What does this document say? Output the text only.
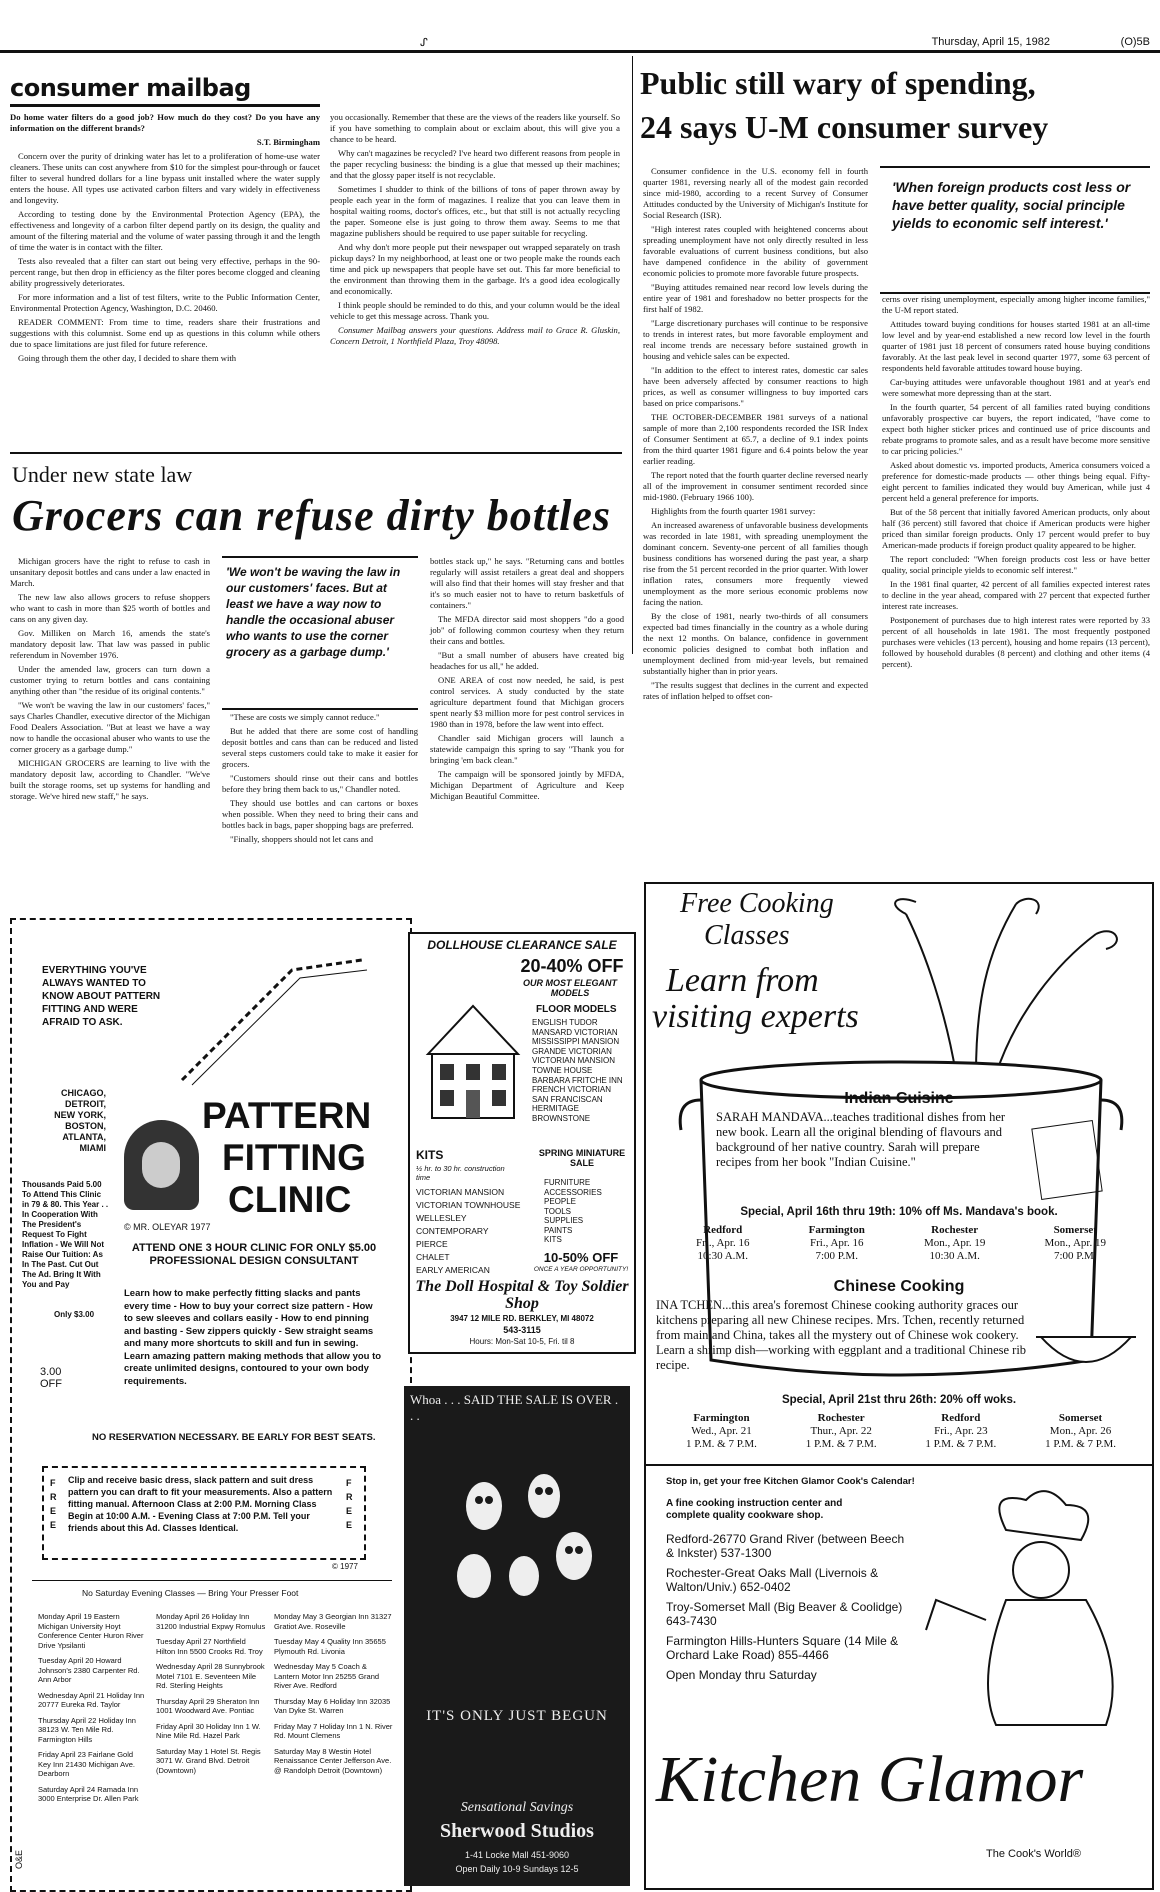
ᔑ	Thursday, April 15, 1982	(O)5B
consumer mailbag

Do home water filters do a good job? How much do they cost? Do you have any information on the different brands?

S.T. Birmingham

Concern over the purity of drinking water has let to a proliferation of home-use water cleaners. These units can cost anywhere from $10 for the simplest pour-through or faucet filter to several hundred dollars for a line bypass unit installed where the water supply enters the house. All types use activated carbon filters and vary widely in effectiveness and longevity.

According to testing done by the Environmental Protection Agency (EPA), the effectiveness and longevity of a carbon filter depend partly on its design, the quality and amount of the filtering material and the volume of water passing through it and the length of time the water is in contact with the filter.

Tests also revealed that a filter can start out being very effective, perhaps in the 90-percent range, but then drop in efficiency as the filter pores become clogged and cleaning ability progressively deteriorates.

For more information and a list of test filters, write to the Public Information Center, Environmental Protection Agency, Washington, D.C. 20460.

READER COMMENT: From time to time, readers share their frustrations and suggestions with this columnist. Some end up as questions in this column while others due to space limitations are just filed for future reference.

Going through them the other day, I decided to share them with

you occasionally. Remember that these are the views of the readers like yourself. So if you have something to complain about or exclaim about, this will give you a chance to be heard.

Why can't magazines be recycled? I've heard two different reasons from people in the paper recycling business: the binding is a glue that messed up their machines; and that the glossy paper itself is not recyclable.

Sometimes I shudder to think of the billions of tons of paper thrown away by people each year in the form of magazines. I realize that you can leave them in hospital waiting rooms, doctor's offices, etc., but that still is not actually recycling the paper. Someone else is just going to throw them away. Seems to me that magazine publishers should be required to use paper suitable for recycling.

And why don't more people put their newspaper out wrapped separately on trash pickup days? In my neighborhood, at least one or two people make the rounds each time and pick up newspapers that people have set out. This far more beneficial to the environment than throwing them in the garbage. It's a good idea ecologically and economically.

I think people should be reminded to do this, and your column would be the ideal vehicle to get this message across. Thank you.

Consumer Mailbag answers your questions. Address mail to Grace R. Gluskin, Concern Detroit, 1 Northfield Plaza, Troy 48098.

Public still wary of spending,
24 says U-M consumer survey

Consumer confidence in the U.S. economy fell in fourth quarter 1981, reversing nearly all of the modest gain recorded since mid-1980, according to a recent Survey of Consumer Attitudes conducted by the University of Michigan's Institute for Social Research (ISR).

"High interest rates coupled with heightened concerns about spreading unemployment have not only directly resulted in less favorable evaluations of current business conditions, but also have dampened confidence in the ability of government economic policies to promote more favorable future prospects.

"Buying attitudes remained near record low levels during the entire year of 1981 and foreshadow no better prospects for the first half of 1982.

"Large discretionary purchases will continue to be responsive to trends in interest rates, but more favorable employment and real income trends are necessary before sustained growth in housing and vehicle sales can be expected.

"In addition to the effect to interest rates, domestic car sales have been adversely affected by consumer reactions to high prices, as well as consumer willingness to buy imported cars based on price comparisons."

THE OCTOBER-DECEMBER 1981 surveys of a national sample of more than 2,100 respondents recorded the ISR Index of Consumer Sentiment at 65.7, a decline of 9.1 index points from the third quarter 1981 figure and 6.4 points below the year earlier reading.

The report noted that the fourth quarter decline reversed nearly all of the improvement in consumer sentiment recorded since mid-1980. (February 1966 100).

Highlights from the fourth quarter 1981 survey:

An increased awareness of unfavorable business developments was recorded in late 1981, with spreading unemployment the dominant concern. Seventy-one percent of all families though business conditions has worsened during the past year, a sharp rise from the 51 percent recorded in the prior quarter. With lower inflation rates, consumers more frequently viewed unemployment as the more serious economic problems now facing the nation.

By the close of 1981, nearly two-thirds of all consumers expected bad times financially in the country as a whole during the next 12 months. On balance, confidence in government economic policies designed to combat both inflation and unemployment declined from mid-year levels, but remained substantially higher than in prior years.

"The results suggest that declines in the current and expected rates of inflation helped to offset con-

'When foreign products cost less or have better quality, social principle yields to economic self interest.'

cerns over rising unemployment, especially among higher income families," the U-M report stated.

Attitudes toward buying conditions for houses started 1981 at an all-time low level and by year-end established a new record low level in the fourth quarter of 1981 just 18 percent of consumers rated house buying conditions favorably. At the last peak level in second quarter 1977, some 63 percent of respondents held favorable attitudes toward house buying.

Car-buying attitudes were unfavorable thoughout 1981 and at year's end were somewhat more depressing than at the start.

In the fourth quarter, 54 percent of all families rated buying conditions unfavorably prospective car buyers, the report indicated, "have come to expect both higher sticker prices and continued use of price discounts and rebate programs to promote sales, and as a result have become more sensitive to car pricing policies."

Asked about domestic vs. imported products, America consumers voiced a preference for domestic-made products — other things being equal. Fifty-eight percent to families indicated they would buy American, while just 4 percent held a general preference for imports.

But of the 58 percent that initially favored American products, only about half (36 percent) still favored that choice if American products were higher priced than similar foreign products. Only 17 percent would prefer to buy American-made products if foreign product quality appeared to be higher.

The report concluded: "When foreign products cost less or have better quality, social principle yields to economic self interest."

In the 1981 final quarter, 42 percent of all families expected interest rates to decline in the year ahead, compared with 27 percent that expected further interest rate increases.

Postponement of purchases due to high interest rates were reported by 33 percent of all households in late 1981. The most frequently postponed purchases were vehicles (13 percent), housing and home repairs (13 percent), followed by household durables (8 percent) and clothing and other items (4 percent).

Under new state law
Grocers can refuse dirty bottles

Michigan grocers have the right to refuse to cash in unsanitary deposit bottles and cans under a law enacted in March.

The new law also allows grocers to refuse shoppers who want to cash in more than $25 worth of bottles and cans on any given day.

Gov. Milliken on March 16, amends the state's mandatory deposit law. That law was passed in public referendum in November 1976.

Under the amended law, grocers can turn down a customer trying to return bottles and cans containing anything other than "the residue of its original contents."

"We won't be waving the law in our customers' faces," says Charles Chandler, executive director of the Michigan Food Dealers Association. "But at least we have a way now to handle the occasional abuser who wants to use the corner grocery as a garbage dump."

MICHIGAN GROCERS are learning to live with the mandatory deposit law, according to Chandler. "We've built the storage rooms, set up systems for handling and storage. We've hired new staff," he says.

'We won't be waving the law in our customers' faces. But at least we have a way now to handle the occasional abuser who wants to use the corner grocery as a garbage dump.'

"These are costs we simply cannot reduce."

But he added that there are some cost of handling deposit bottles and cans than can be reduced and listed several steps customers could take to make it easier for grocers.

"Customers should rinse out their cans and bottles before they bring them back to us," Chandler noted.

They should use bottles and can cartons or boxes when possible. When they need to bring their cans and bottles back in bags, paper shopping bags are preferred.

"Finally, shoppers should not let cans and

bottles stack up," he says. "Returning cans and bottles regularly will assist retailers a great deal and shoppers will also find that their homes will stay fresher and that it's so much easier not to have to return basketfuls of containers."

The MFDA director said most shoppers "do a good job" of following common courtesy when they return their cans and bottles.

"But a small number of abusers have created big headaches for us all," he added.

ONE AREA of cost now needed, he said, is pest control services. A study conducted by the state agriculture department found that Michigan grocers spent nearly $3 million more for pest control services in 1980 than in 1978, before the law went into effect.

Chandler said Michigan grocers will launch a statewide campaign this spring to say "Thank you for bringing 'em back clean."

The campaign will be sponsored jointly by MFDA, Michigan Department of Agriculture and Keep Michigan Beautiful Committee.

EVERYTHING YOU'VE ALWAYS WANTED TO KNOW ABOUT PATTERN FITTING AND WERE AFRAID TO ASK.
CHICAGO, DETROIT, NEW YORK, BOSTON, ATLANTA, MIAMI
Thousands Paid 5.00 To Attend This Clinic in 79 & 80. This Year . . In Cooperation With The President's Request To Fight Inflation - We Will Not Raise Our Tuition: As In The Past. Cut Out The Ad. Bring It With You and Pay
Only $3.00
3.00 OFF
PATTERN
FITTING
CLINIC
© MR. OLEYAR 1977
ATTEND ONE 3 HOUR CLINIC FOR ONLY $5.00 PROFESSIONAL DESIGN CONSULTANT
Learn how to make perfectly fitting slacks and pants every time - How to buy your correct size pattern - How to sew sleeves and collars easily - How to end pinning and basting - Sew zippers quickly - Sew straight seams and many more shortcuts to skill and fun in sewing. Learn amazing pattern making methods that allow you to create unlimited designs, contoured to your own body requirements.
NO RESERVATION NECESSARY. BE EARLY FOR BEST SEATS.
F R E E
Clip and receive basic dress, slack pattern and suit dress pattern you can draft to fit your measurements. Also a pattern fitting manual. Afternoon Class at 2:00 P.M. Morning Class Begin at 10:00 A.M. - Evening Class at 7:00 P.M. Tell your friends about this Ad. Classes Identical.
F R E E
© 1977
No Saturday Evening Classes — Bring Your Presser Foot
Monday April 19 Eastern Michigan University Hoyt Conference Center Huron River Drive Ypsilanti
Tuesday April 20 Howard Johnson's 2380 Carpenter Rd. Ann Arbor
Wednesday April 21 Holiday Inn 20777 Eureka Rd. Taylor
Thursday April 22 Holiday Inn 38123 W. Ten Mile Rd. Farmington Hills
Friday April 23 Fairlane Gold Key Inn 21430 Michigan Ave. Dearborn
Saturday April 24 Ramada Inn 3000 Enterprise Dr. Allen Park
Monday April 26 Holiday Inn 31200 Industrial Expwy Romulus
Tuesday April 27 Northfield Hilton Inn 5500 Crooks Rd. Troy
Wednesday April 28 Sunnybrook Motel 7101 E. Seventeen Mile Rd. Sterling Heights
Thursday April 29 Sheraton Inn 1001 Woodward Ave. Pontiac
Friday April 30 Holiday Inn 1 W. Nine Mile Rd. Hazel Park
Saturday May 1 Hotel St. Regis 3071 W. Grand Blvd. Detroit (Downtown)
Monday May 3 Georgian Inn 31327 Gratiot Ave. Roseville
Tuesday May 4 Quality Inn 35655 Plymouth Rd. Livonia
Wednesday May 5 Coach & Lantern Motor Inn 25255 Grand River Ave. Redford
Thursday May 6 Holiday Inn 32035 Van Dyke St. Warren
Friday May 7 Holiday Inn 1 N. River Rd. Mount Clemens
Saturday May 8 Westin Hotel Renaissance Center Jefferson Ave. @ Randolph Detroit (Downtown)
O&E
DOLLHOUSE CLEARANCE SALE
20-40% OFF
OUR MOST ELEGANT MODELS
FLOOR MODELS
ENGLISH TUDOR
MANSARD VICTORIAN
MISSISSIPPI MANSION
GRANDE VICTORIAN
VICTORIAN MANSION
TOWNE HOUSE
BARBARA FRITCHE INN
FRENCH VICTORIAN
SAN FRANCISCAN
HERMITAGE
BROWNSTONE
KITS
½ hr. to 30 hr. construction time
VICTORIAN MANSION
VICTORIAN TOWNHOUSE
WELLESLEY
CONTEMPORARY
PIERCE
CHALET
EARLY AMERICAN
SPRING MINIATURE SALE
FURNITURE
ACCESSORIES
PEOPLE
TOOLS
SUPPLIES
PAINTS
KITS
10-50% OFF
ONCE A YEAR OPPORTUNITY!
The Doll Hospital & Toy Soldier Shop
3947 12 MILE RD. BERKLEY, MI 48072
543-3115
Hours: Mon-Sat 10-5, Fri. til 8
Whoa . . . SAID THE SALE IS OVER . . .
IT'S ONLY JUST BEGUN
Sensational Savings
Sherwood Studios
1-41 Locke Mall 451-9060
Open Daily 10-9 Sundays 12-5
Free Cooking
Classes
Learn from
visiting experts
Indian Cuisine
SARAH MANDAVA...teaches traditional dishes from her new book. Learn all the original blending of flavours and background of her native country. Sarah will prepare recipes from her book "Indian Cuisine."
Special, April 16th thru 19th: 10% off Ms. Mandava's book.
Redford
Fri., Apr. 16
10:30 A.M.
Farmington
Fri., Apr. 16
7:00 P.M.
Rochester
Mon., Apr. 19
10:30 A.M.
Somerset
Mon., Apr. 19
7:00 P.M.
Chinese Cooking
INA TCHEN...this area's foremost Chinese cooking authority graces our kitchens preparing all new Chinese recipes. Mrs. Tchen, recently returned from mainland China, takes all the mystery out of Chinese wok cookery. Learn a shrimp dish—working with eggplant and a traditional Chinese rib recipe.
Special, April 21st thru 26th: 20% off woks.
Farmington
Wed., Apr. 21
1 P.M. & 7 P.M.
Rochester
Thur., Apr. 22
1 P.M. & 7 P.M.
Redford
Fri., Apr. 23
1 P.M. & 7 P.M.
Somerset
Mon., Apr. 26
1 P.M. & 7 P.M.
Stop in, get your free Kitchen Glamor Cook's Calendar!
A fine cooking instruction center and complete quality cookware shop.
Redford-26770 Grand River (between Beech & Inkster) 537-1300
Rochester-Great Oaks Mall (Livernois & Walton/Univ.) 652-0402
Troy-Somerset Mall (Big Beaver & Coolidge) 643-7430
Farmington Hills-Hunters Square (14 Mile & Orchard Lake Road) 855-4466
Open Monday thru Saturday
Kitchen Glamor
The Cook's World®
